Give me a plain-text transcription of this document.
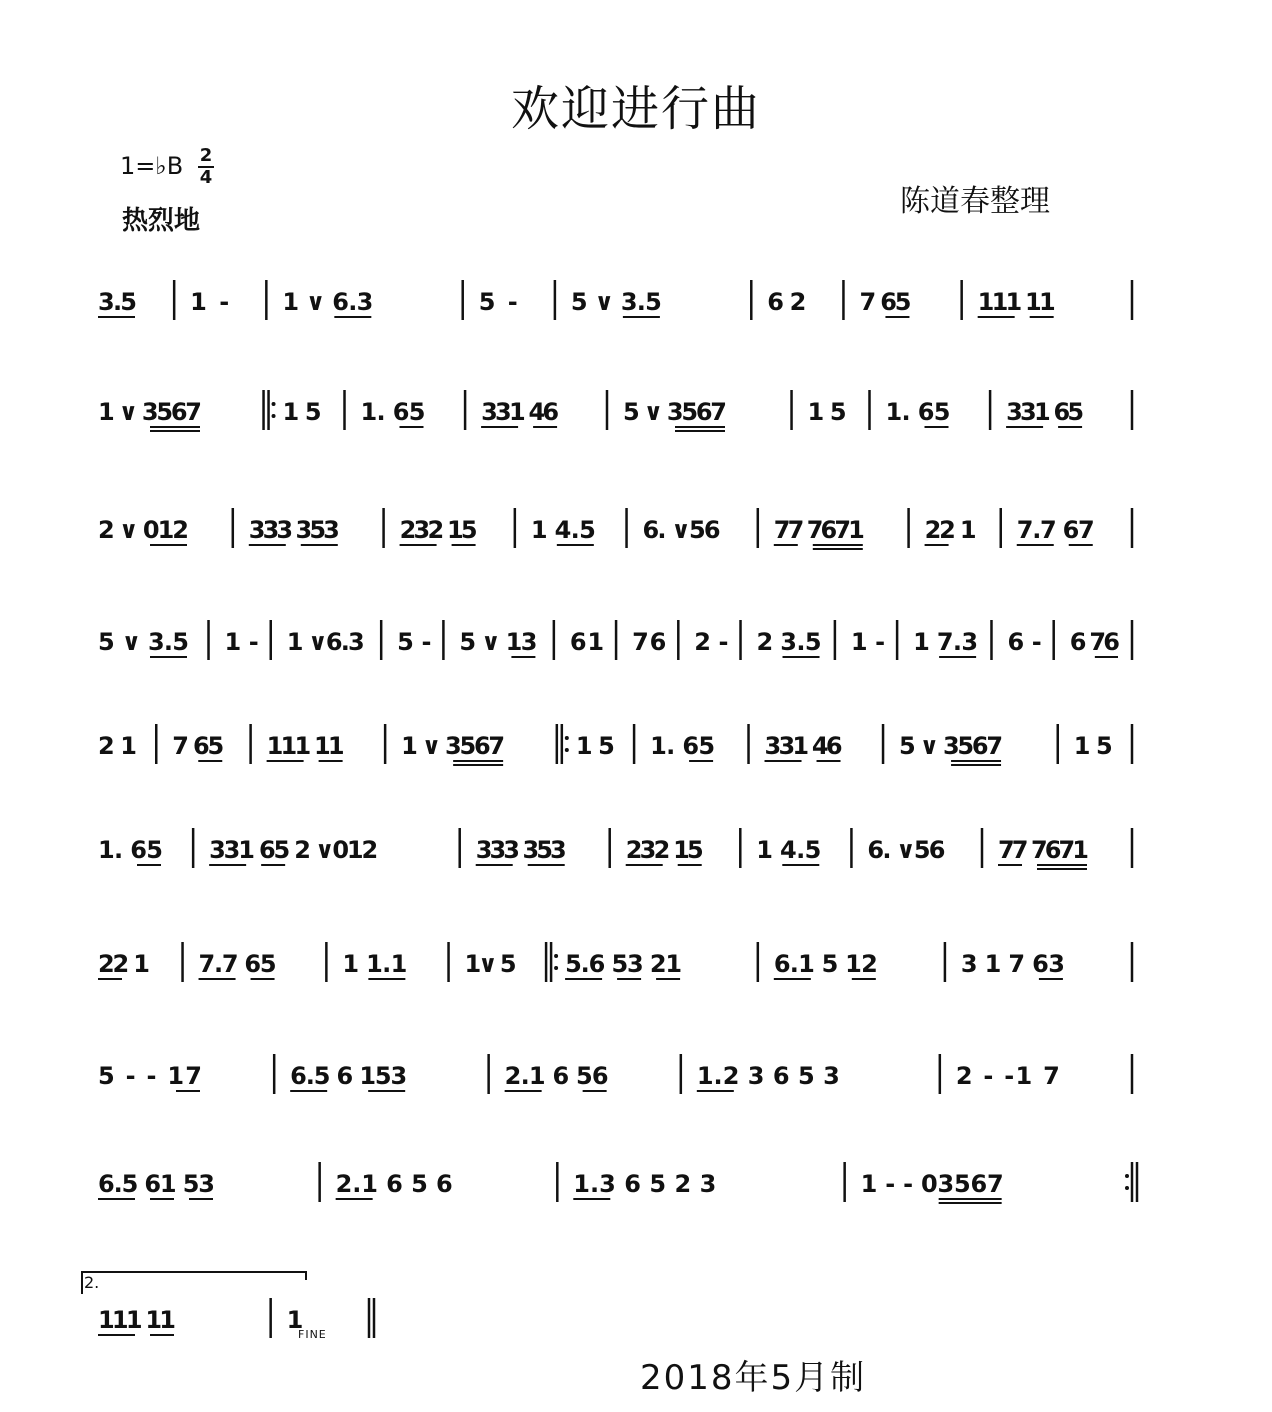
欢迎进行曲
1=♭B 2
4
热烈地
陈道春整理
3.5 1 - 1 ∨ 6.3	5 - 5 ∨ 3.5	6 2 7 65	111 11
1 ∨ 3567	1 5 1. 65 331 46	5 ∨ 3567	1 5 1. 65 331 65
2 ∨ 012 333 353 232 15 1 4.5 6. ∨56 77 7671 22 1 7.7 67
5 ∨ 3.5 1 - 1 ∨6.3 5 - 5 ∨ 13 6 1 7 6 2 - 2 3.5 1 - 1 7.3 6 - 6 76
2 1 7 65 111 11 1 ∨ 3567	1 5 1. 65 331 46 5 ∨ 3567	1 5
1. 65 331 65 2 ∨012	333 353 232 15 1 4.5 6. ∨56 77 7671
22 1 7.7 65	1 1.1 1∨ 5 5.6 53 21	6.1 5 12	3 1 7 63
5 - - 17	6.5 6 153	2.1 6 56	1.2 3 6 5 3	2 - -1 7
6.5 61 53	2.1 6 5 6	1.3 6 5 2 3	1 - - 03567
111 11	1
2.
FINE
2018年5月制
